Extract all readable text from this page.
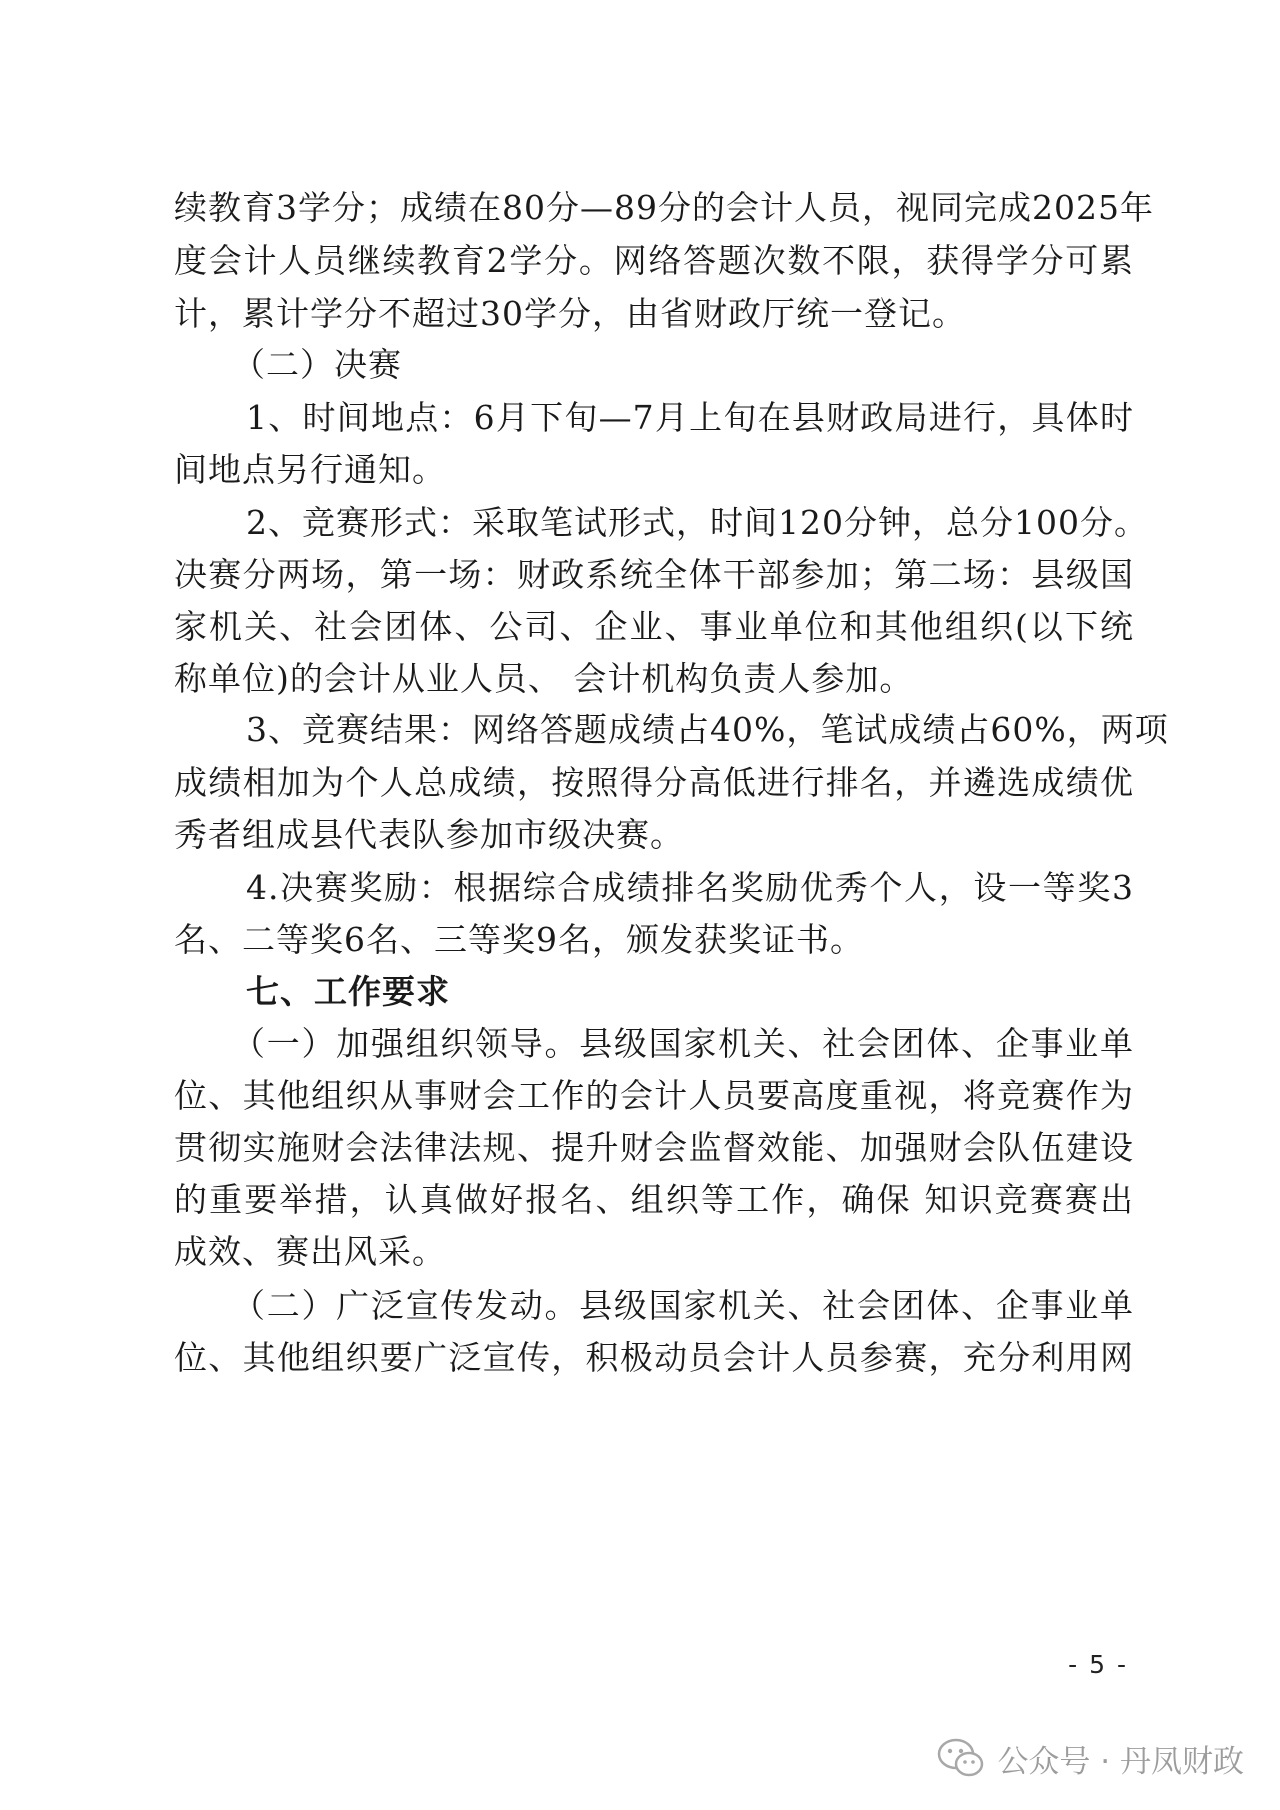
续教育3学分；成绩在80分—89分的会计人员，视同完成2025年
度会计人员继续教育2学分。网络答题次数不限，获得学分可累
计，累计学分不超过30学分，由省财政厅统一登记。
（二）决赛
1、时间地点：6月下旬—7月上旬在县财政局进行，具体时
间地点另行通知。
2、竞赛形式：采取笔试形式，时间120分钟，总分100分。
决赛分两场，第一场：财政系统全体干部参加；第二场：县级国
家机关、社会团体、公司、企业、事业单位和其他组织(以下统
称单位)的会计从业人员、 会计机构负责人参加。
3、竞赛结果：网络答题成绩占40%，笔试成绩占60%，两项
成绩相加为个人总成绩，按照得分高低进行排名，并遴选成绩优
秀者组成县代表队参加市级决赛。
4.决赛奖励：根据综合成绩排名奖励优秀个人，设一等奖3
名、二等奖6名、三等奖9名，颁发获奖证书。
七、工作要求
（一）加强组织领导。县级国家机关、社会团体、企事业单
位、其他组织从事财会工作的会计人员要高度重视，将竞赛作为
贯彻实施财会法律法规、提升财会监督效能、加强财会队伍建设
的重要举措，认真做好报名、组织等工作，确保 知识竞赛赛出
成效、赛出风采。
（二）广泛宣传发动。县级国家机关、社会团体、企事业单
位、其他组织要广泛宣传，积极动员会计人员参赛，充分利用网
- 5 -
公众号 · 丹凤财政
